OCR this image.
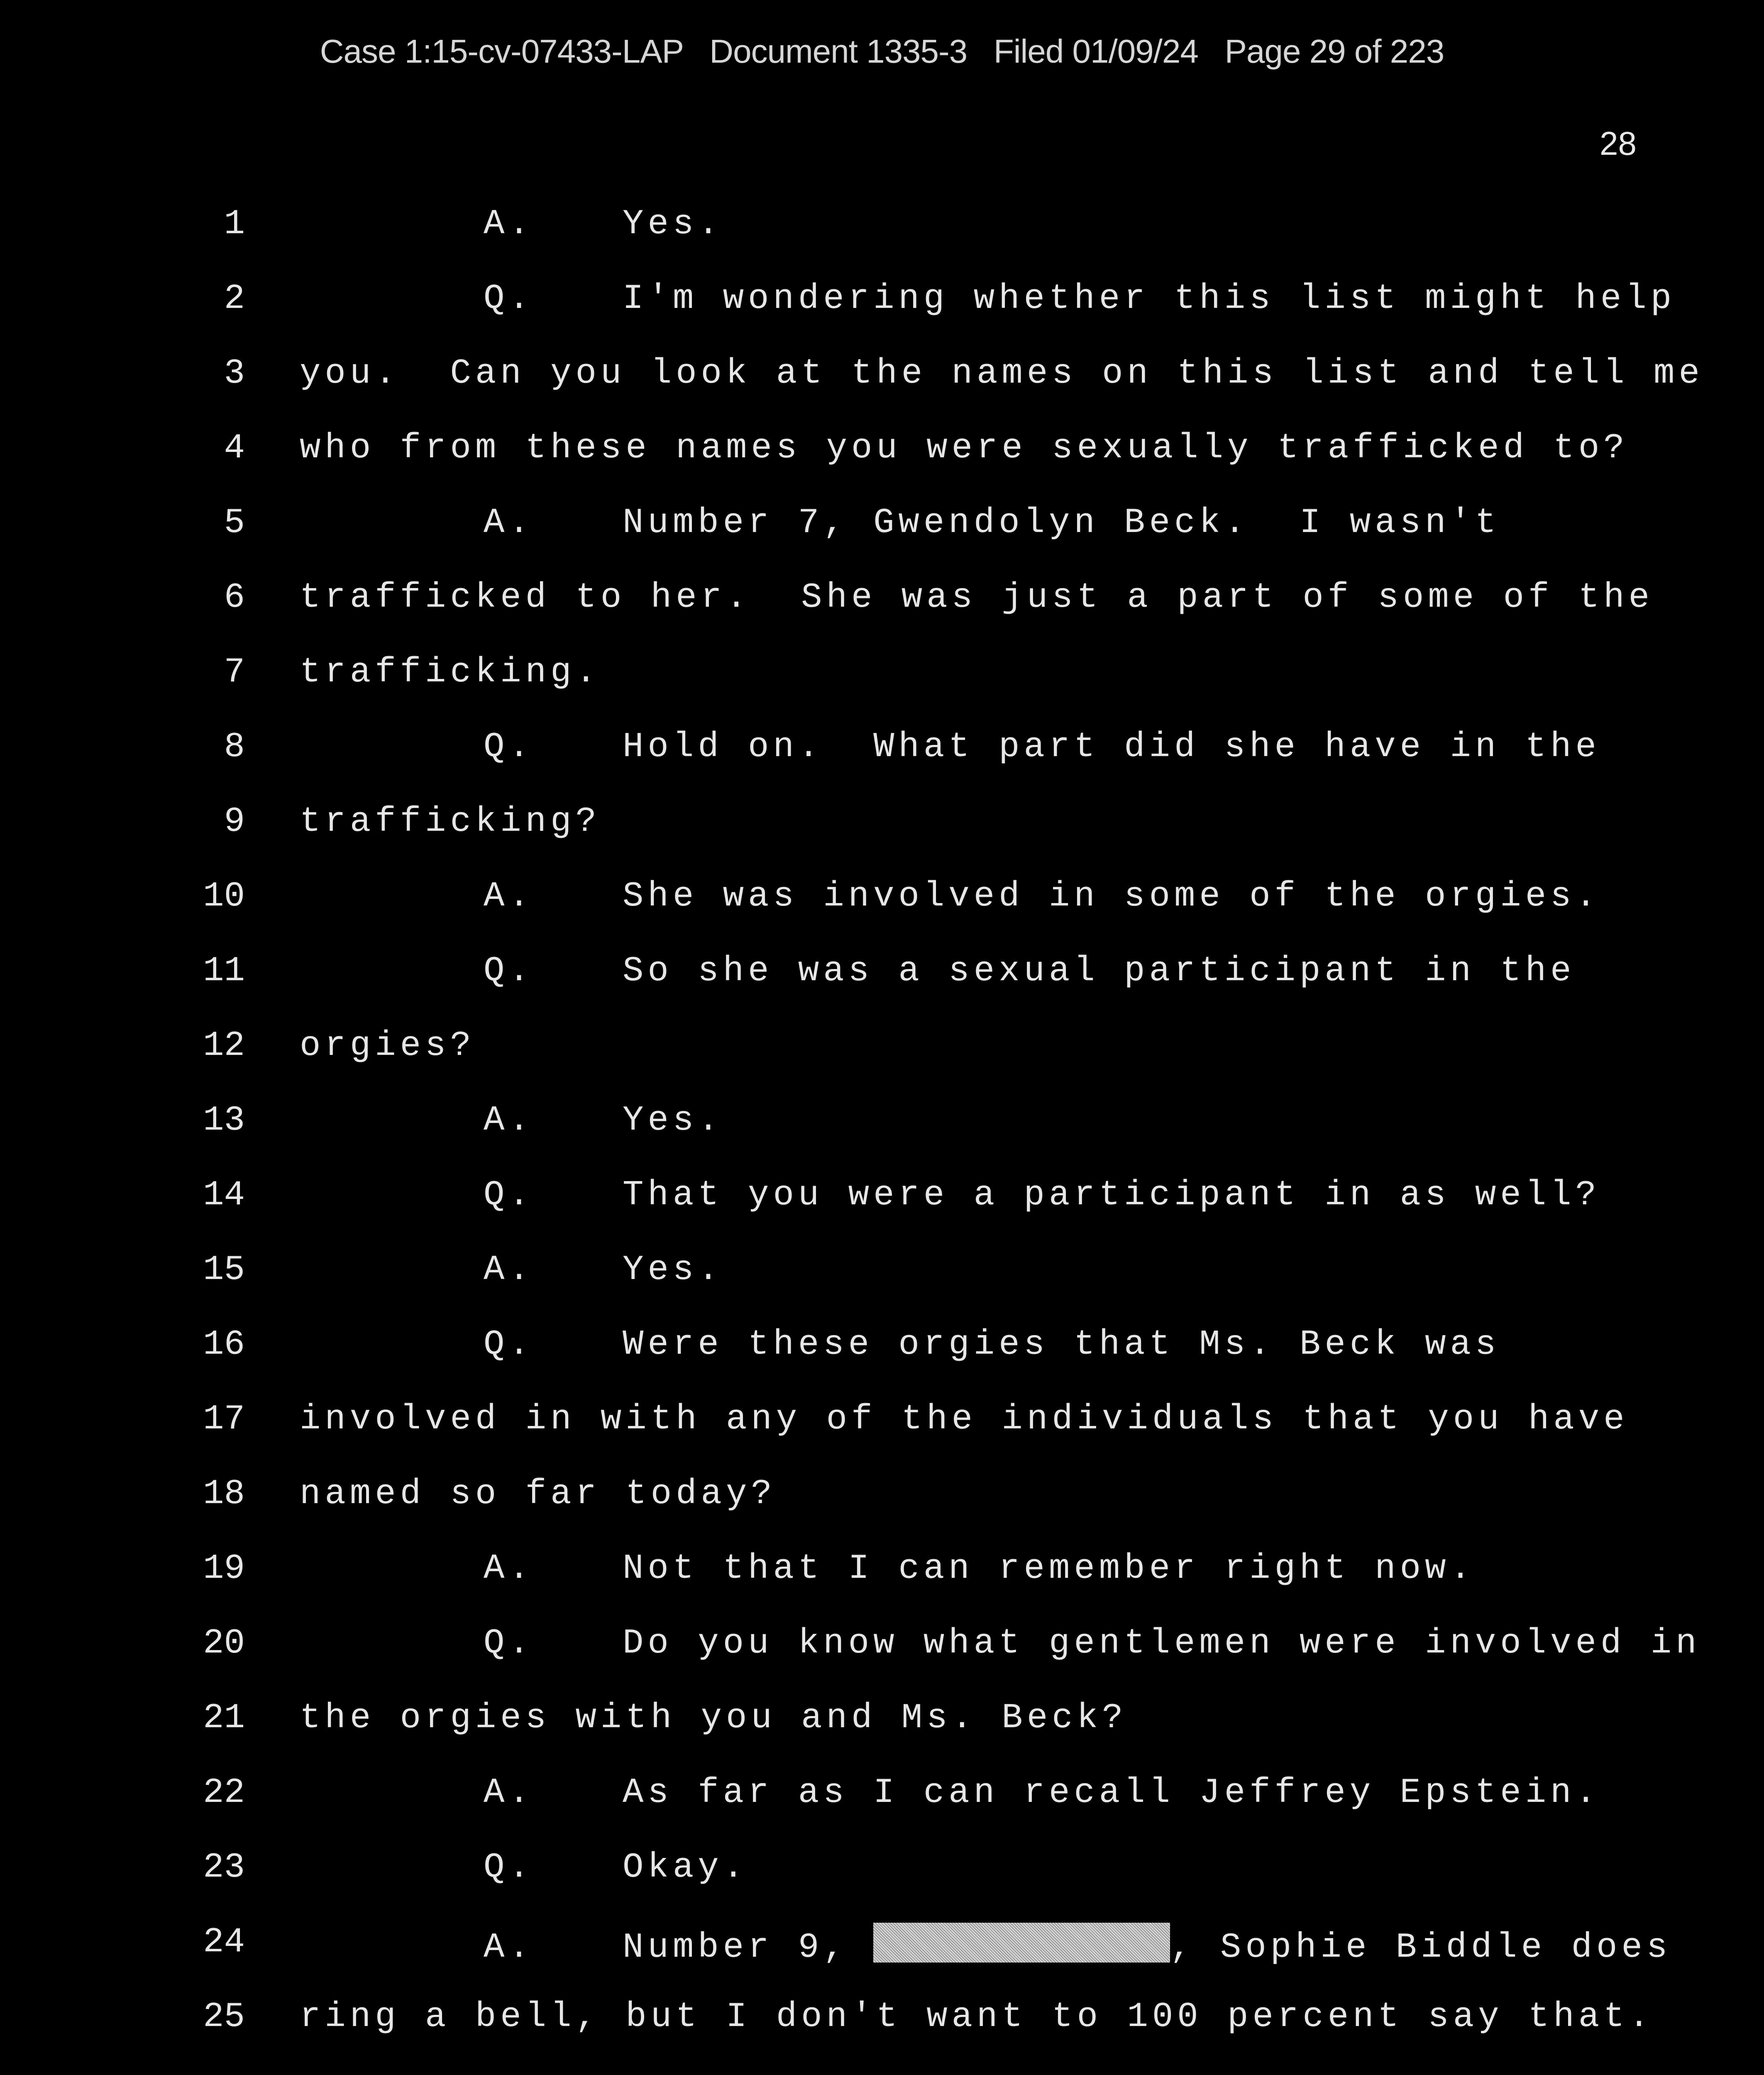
Case 1:15-cv-07433-LAP   Document 1335-3   Filed 01/09/24   Page 29 of 223
28
1	A.	Yes.
2	Q.	I'm wondering whether this list might help
3 you.  Can you look at the names on this list and tell me
4 who from these names you were sexually trafficked to?
5	A.	Number 7, Gwendolyn Beck.  I wasn't
6 trafficked to her.  She was just a part of some of the
7 trafficking.
8	Q.	Hold on.  What part did she have in the
9 trafficking?
10	A.	She was involved in some of the orgies.
11	Q.	So she was a sexual participant in the
12 orgies?
13	A.	Yes.
14	Q.	That you were a participant in as well?
15	A.	Yes.
16	Q.	Were these orgies that Ms. Beck was
17 involved in with any of the individuals that you have
18 named so far today?
19	A.	Not that I can remember right now.
20	Q.	Do you know what gentlemen were involved in
21 the orgies with you and Ms. Beck?
22	A.	As far as I can recall Jeffrey Epstein.
23	Q.	Okay.
24	A.	Number 9,	, Sophie Biddle does
25 ring a bell, but I don't want to 100 percent say that.
